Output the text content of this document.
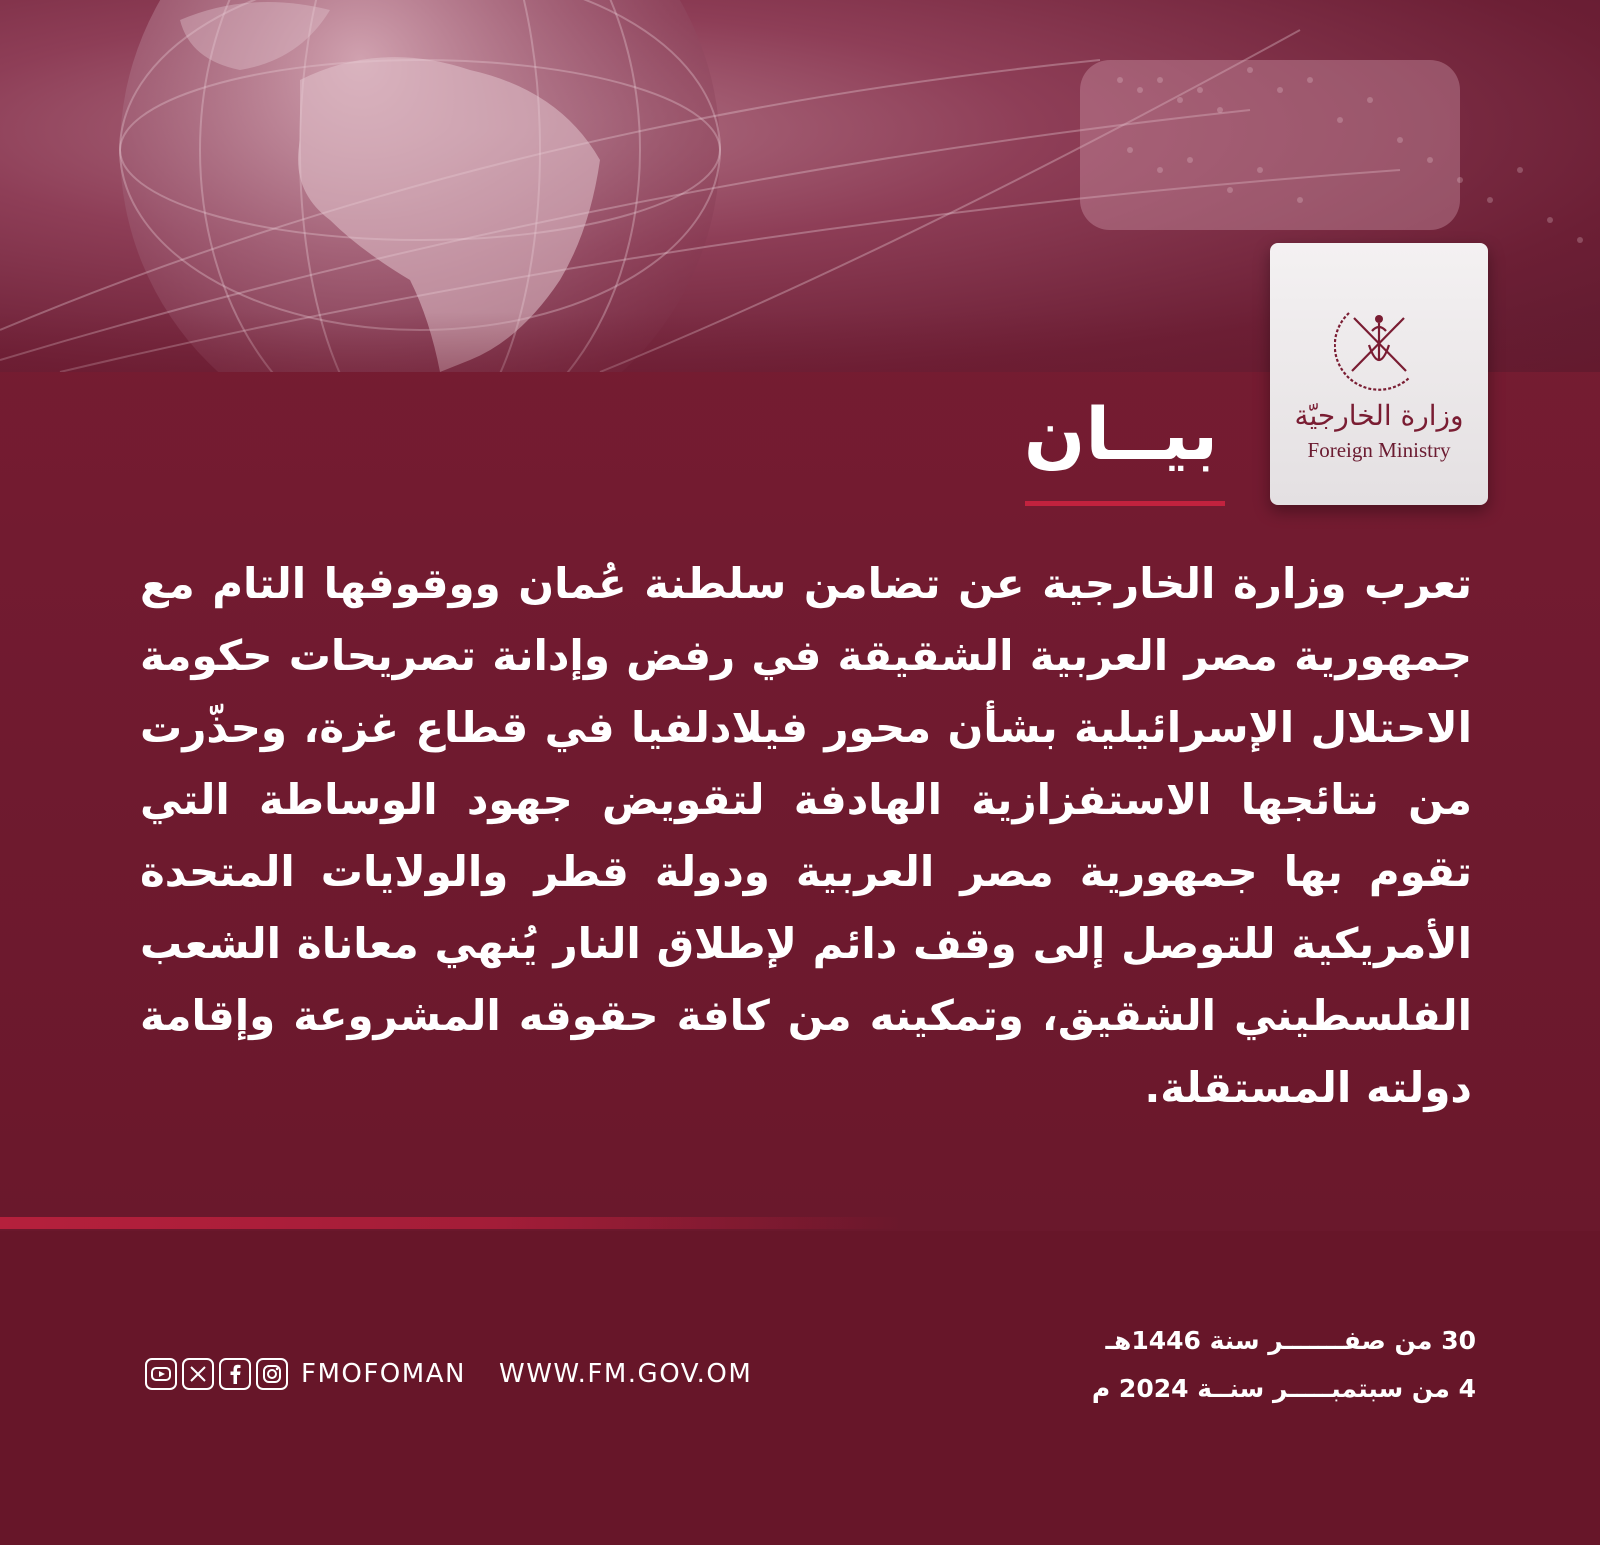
وزارة الخارجيّة
Foreign Ministry
بيــان
تعرب وزارة الخارجية عن تضامن سلطنة عُمان ووقوفها التام مع جمهورية مصر العربية الشقيقة في رفض وإدانة تصريحات حكومة الاحتلال الإسرائيلية بشأن محور فيلادلفيا في قطاع غزة، وحذّرت من نتائجها الاستفزازية الهادفة لتقويض جهود الوساطة التي تقوم بها جمهورية مصر العربية ودولة قطر والولايات المتحدة الأمريكية للتوصل إلى وقف دائم لإطلاق النار يُنهي معاناة الشعب الفلسطيني الشقيق، وتمكينه من كافة حقوقه المشروعة وإقامة دولته المستقلة.
30 من صفـــــــر سنة 1446هـ
4 من سبتمبـــــر سنــة 2024 م
FMOFOMAN WWW.FM.GOV.OM
